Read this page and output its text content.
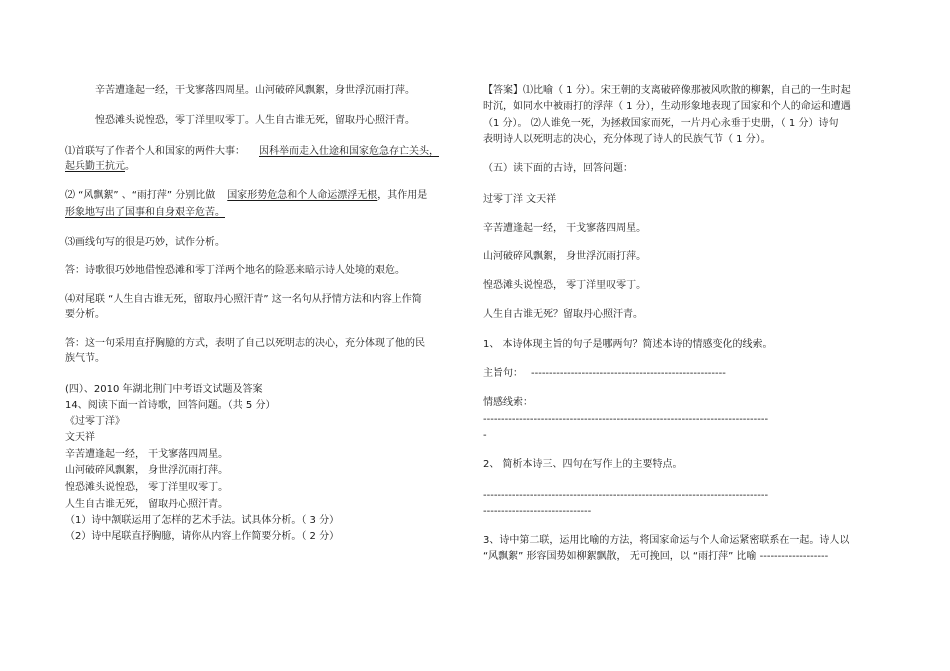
辛苦遭逢起一经，干戈寥落四周星。山河破碎风飘絮，身世浮沉雨打萍。
惶恐滩头说惶恐，零丁洋里叹零丁。人生自古谁无死，留取丹心照汗青。
⑴首联写了作者个人和国家的两件大事： 因科举而走入仕途和国家危急存亡关头，
起兵勤王抗元。
⑵ “风飘絮” 、“雨打萍” 分别比做 国家形势危急和个人命运漂浮无根，其作用是
形象地写出了国事和自身艰辛危苦。
⑶画线句写的很是巧妙，试作分析。
答：诗歌很巧妙地借惶恐滩和零丁洋两个地名的险恶来暗示诗人处境的艰危。
⑷对尾联 “人生自古谁无死，留取丹心照汗青” 这一名句从抒情方法和内容上作简
要分析。
答：这一句采用直抒胸臆的方式，表明了自己以死明志的决心，充分体现了他的民
族气节。
(四）、2010 年湖北荆门中考语文试题及答案
14、阅读下面一首诗歌，回答问题。（共 5 分）
《过零丁洋》
文天祥
辛苦遭逢起一经， 干戈寥落四周星。
山河破碎风飘絮， 身世浮沉雨打萍。
惶恐滩头说惶恐， 零丁洋里叹零丁。
人生自古谁无死， 留取丹心照汗青。
（1）诗中颔联运用了怎样的艺术手法。试具体分析。（ 3 分）
（2）诗中尾联直抒胸臆，请你从内容上作简要分析。（ 2 分）
【答案】⑴比喻（ 1 分）。宋王朝的支离破碎像那被风吹散的柳絮，自己的一生时起
时沉，如同水中被雨打的浮萍（ 1 分），生动形象地表现了国家和个人的命运和遭遇
（1 分）。 ⑵人谁免一死，为拯救国家而死，一片丹心永垂于史册，（ 1 分）诗句
表明诗人以死明志的决心，充分体现了诗人的民族气节（ 1 分）。
（五）读下面的古诗，回答问题：
过零丁洋 文天祥
辛苦遭逢起一经， 干戈寥落四周星。
山河破碎风飘絮， 身世浮沉雨打萍。
惶恐滩头说惶恐， 零丁洋里叹零丁。
人生自古谁无死？留取丹心照汗青。
1、 本诗体现主旨的句子是哪两句？简述本诗的情感变化的线索。
主旨句： ------------------------------------------------------
情感线索：
-------------------------------------------------------------------------------
-
2、 简析本诗三、四句在写作上的主要特点。
-------------------------------------------------------------------------------
------------------------------
3、诗中第二联，运用比喻的方法，将国家命运与个人命运紧密联系在一起。诗人以
“风飘絮” 形容国势如柳絮飘散， 无可挽回，以 “雨打萍” 比喻 -------------------
